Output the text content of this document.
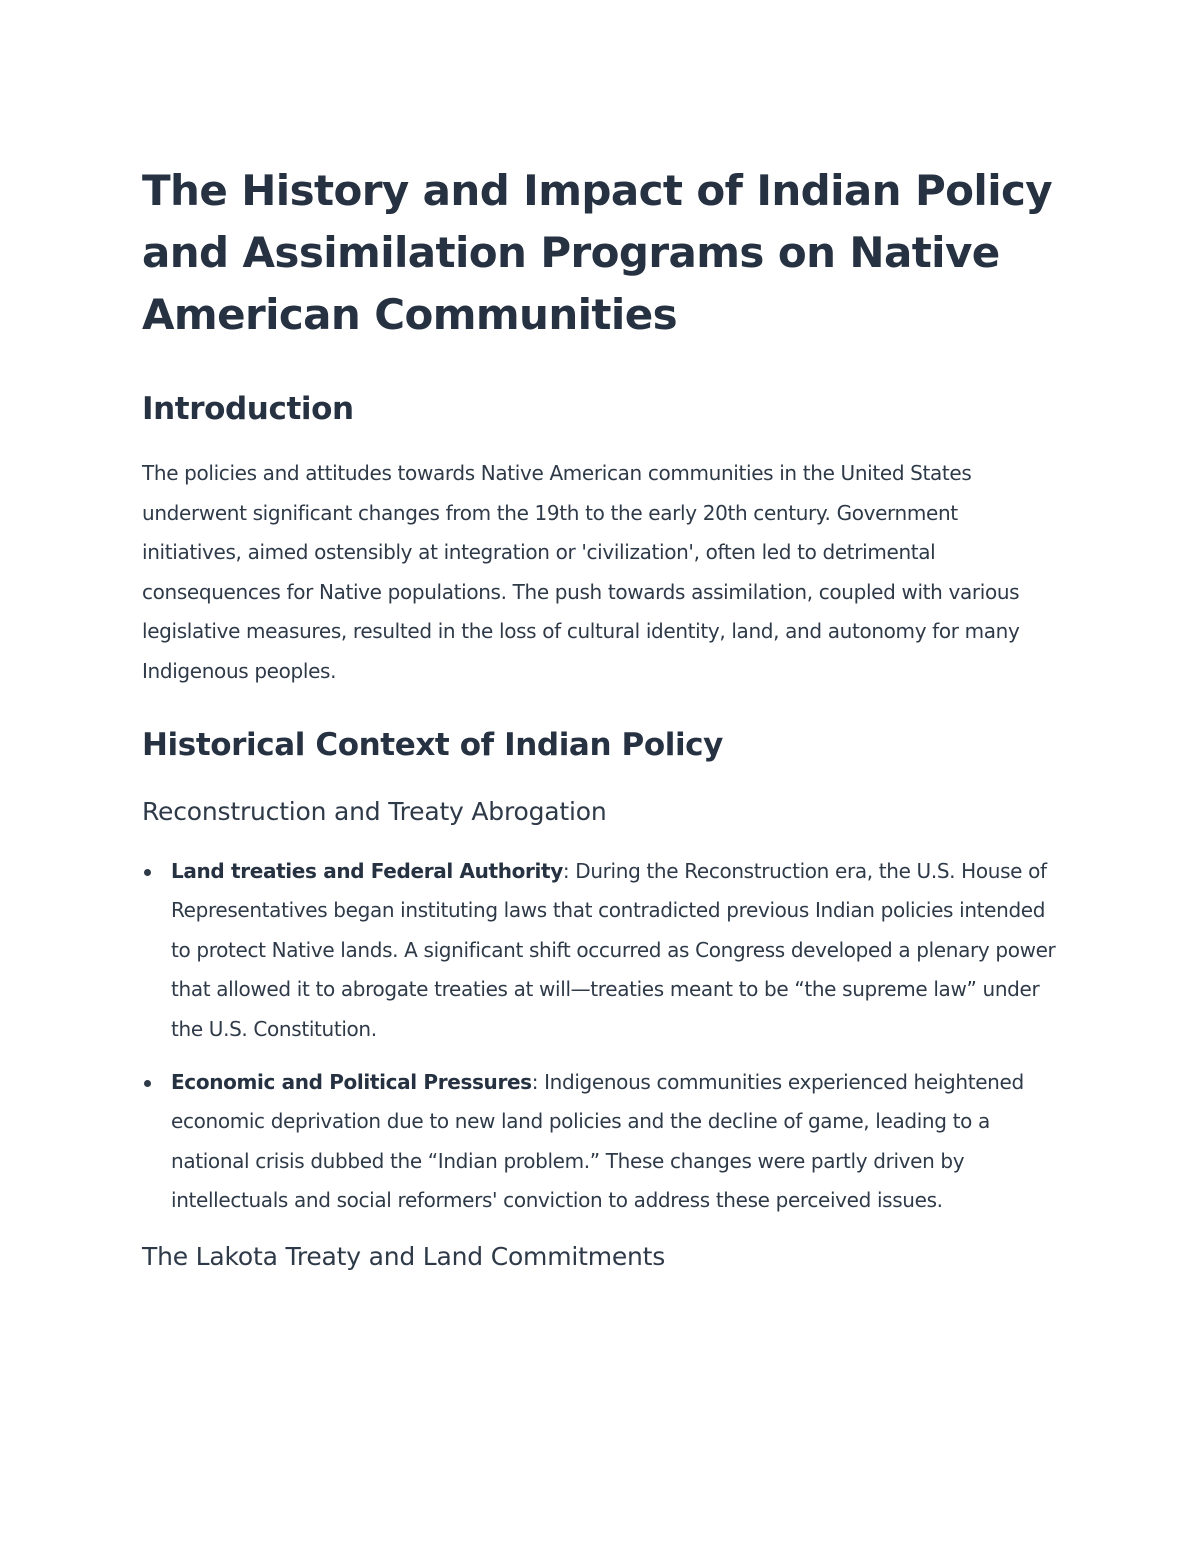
The History and Impact of Indian Policy and Assimilation Programs on Native American Communities
Introduction

The policies and attitudes towards Native American communities in the United States underwent significant changes from the 19th to the early 20th century. Government initiatives, aimed ostensibly at integration or 'civilization', often led to detrimental consequences for Native populations. The push towards assimilation, coupled with various legislative measures, resulted in the loss of cultural identity, land, and autonomy for many Indigenous peoples.

Historical Context of Indian Policy
Reconstruction and Treaty Abrogation
Land treaties and Federal Authority: During the Reconstruction era, the U.S. House of Representatives began instituting laws that contradicted previous Indian policies intended to protect Native lands. A significant shift occurred as Congress developed a plenary power that allowed it to abrogate treaties at will—treaties meant to be “the supreme law” under the U.S. Constitution.
Economic and Political Pressures: Indigenous communities experienced heightened economic deprivation due to new land policies and the decline of game, leading to a national crisis dubbed the “Indian problem.” These changes were partly driven by intellectuals and social reformers' conviction to address these perceived issues.
The Lakota Treaty and Land Commitments
